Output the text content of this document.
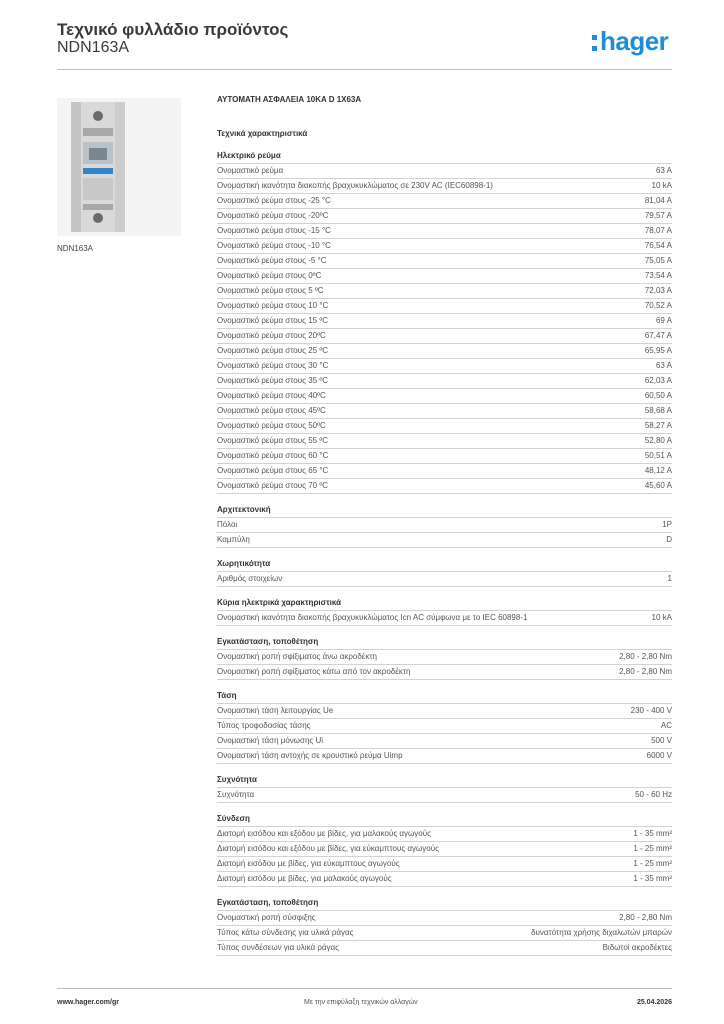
Τεχνικό φυλλάδιο προϊόντος
NDN163A	hager
NDN163A
ΑΥΤΟΜΑΤΗ ΑΣΦΑΛΕΙΑ 10KA D 1X63A
Τεχνικά χαρακτηριστικά
Ηλεκτρικό ρεύμα
Ονομαστικό ρεύμα	63 A
Ονομαστική ικανότητα διακοπής βραχυκυκλώματος σε 230V AC (IEC60898-1)	10 kA
Ονομαστικό ρεύμα στους -25 °C	81,04 A
Ονομαστικό ρεύμα στους -20ºC	79,57 A
Ονομαστικό ρεύμα στους -15 °C	78,07 A
Ονομαστικό ρεύμα στους -10 °C	76,54 A
Ονομαστικό ρεύμα στους -5 °C	75,05 A
Ονομαστικό ρεύμα στους 0ºC	73,54 A
Ονομαστικό ρεύμα στους 5 ºC	72,03 A
Ονομαστικό ρεύμα στους 10 °C	70,52 A
Ονομαστικό ρεύμα στους 15 ºC	69 A
Ονομαστικό ρεύμα στους 20ºC	67,47 A
Ονομαστικό ρεύμα στους 25 ºC	65,95 A
Ονομαστικό ρεύμα στους 30 °C	63 A
Ονομαστικό ρεύμα στους 35 ºC	62,03 A
Ονομαστικό ρεύμα στους 40ºC	60,50 A
Ονομαστικό ρεύμα στους 45ºC	58,68 A
Ονομαστικό ρεύμα στους 50ºC	58,27 A
Ονομαστικό ρεύμα στους 55 ºC	52,80 A
Ονομαστικό ρεύμα στους 60 °C	50,51 A
Ονομαστικό ρεύμα στους 65 °C	48,12 A
Ονομαστικό ρεύμα στους 70 ºC	45,60 A
Αρχιτεκτονική
Πόλοι	1P
Καμπύλη	D
Χωρητικότητα
Αριθμός στοιχείων	1
Κύρια ηλεκτρικά χαρακτηριστικά
Ονομαστική ικανότητα διακοπής βραχυκυκλώματος Icn AC σύμφωνα με το IEC 60898-1	10 kA
Εγκατάσταση, τοποθέτηση
Ονομαστική ροπή σφίξιματος άνω ακροδέκτη	2,80 - 2,80 Nm
Ονομαστική ροπή σφίξιματος κάτω από τον ακροδέκτη	2,80 - 2,80 Nm
Τάση
Ονομαστική τάση λειτουργίας Ue	230 - 400 V
Τύπος τροφοδοσίας τάσης	AC
Ονομαστική τάση μόνωσης Ui	500 V
Ονομαστική τάση αντοχής σε κρουστικό ρεύμα Uimp	6000 V
Συχνότητα
Συχνότητα	50 - 60 Hz
Σύνδεση
Διατομή εισόδου και εξόδου με βίδες, για μαλακούς αγωγούς	1 - 35 mm²
Διατομή εισόδου και εξόδου με βίδες, για εύκαμπτους αγωγούς	1 - 25 mm²
Διατομή εισόδου με βίδες, για εύκαμπτους αγωγούς	1 - 25 mm²
Διατομή εισόδου με βίδες, για μαλακούς αγωγούς	1 - 35 mm²
Εγκατάσταση, τοποθέτηση
Ονομαστική ροπή σύσφιξης	2,80 - 2,80 Nm
Τύπος κάτω σύνδεσης για υλικά ράγας	δυνατότητα χρήσης διχαλωτών μπαρών
Τύπος συνδέσεων για υλικά ράγας	Βιδωτοί ακροδέκτες
www.hager.com/gr	Με την επιφύλαξη τεχνικών αλλαγών	25.04.2026
